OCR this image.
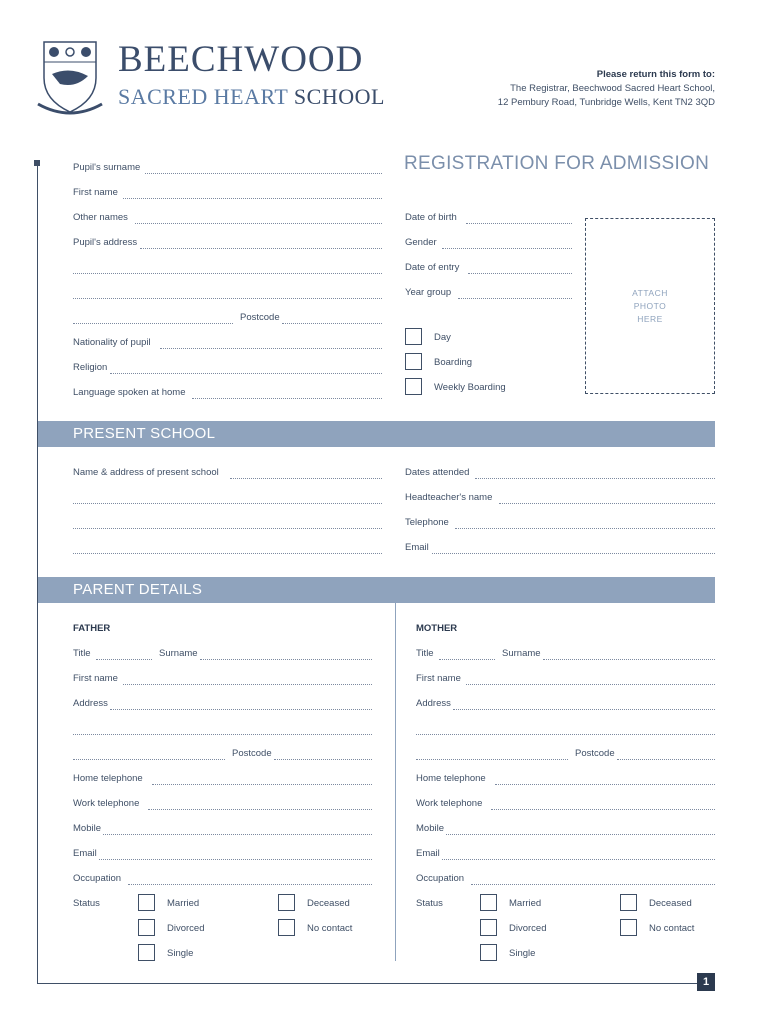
BEECHWOOD
SACRED HEART SCHOOL
Please return this form to:
The Registrar, Beechwood Sacred Heart School,
12 Pembury Road, Tunbridge Wells, Kent TN2 3QD
REGISTRATION FOR ADMISSION
Pupil's surname
First name
Other names
Pupil's address
Postcode
Nationality of pupil
Religion
Language spoken at home
Date of birth
Gender
Date of entry
Year group
Day
Boarding
Weekly Boarding
ATTACH
PHOTO
HERE
PRESENT SCHOOL
Name & address of present school	Dates attended
Headteacher's name
Telephone
Email
PARENT DETAILS
FATHER
Title	Surname
First name
Address
Postcode
Home telephone
Work telephone
Mobile
Email
Occupation
Status	Married	Deceased
Divorced	No contact
Single
MOTHER
Title	Surname
First name
Address
Postcode
Home telephone
Work telephone
Mobile
Email
Occupation
Status	Married	Deceased
Divorced	No contact
Single
1
